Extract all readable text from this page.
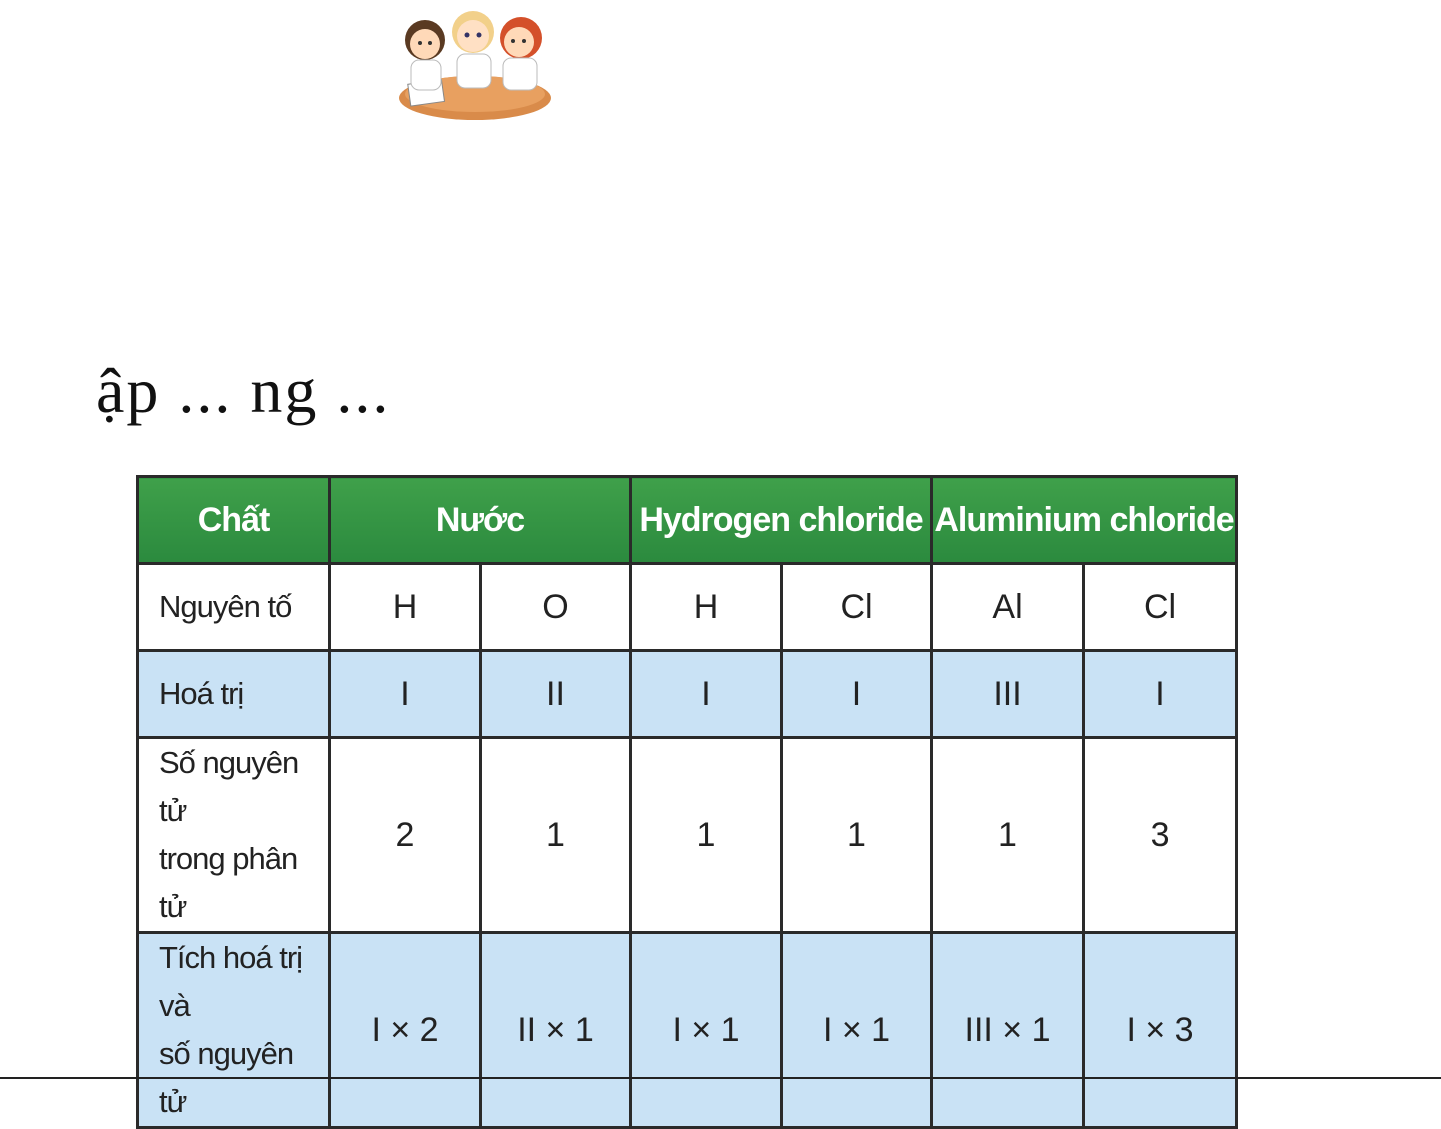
ập ... ng ...
Chất	Nước		Hydrogen chloride		Aluminium chloride	
Nguyên tố	H	O	H	Cl	Al	Cl
Hoá trị	I	II	I	I	III	I

Số nguyên tử
trong phân tử	2	1	1	1	1	3

Tích hoá trị và
số nguyên tử	I × 2	II × 1	I × 1	I × 1	III × 1	I × 3
